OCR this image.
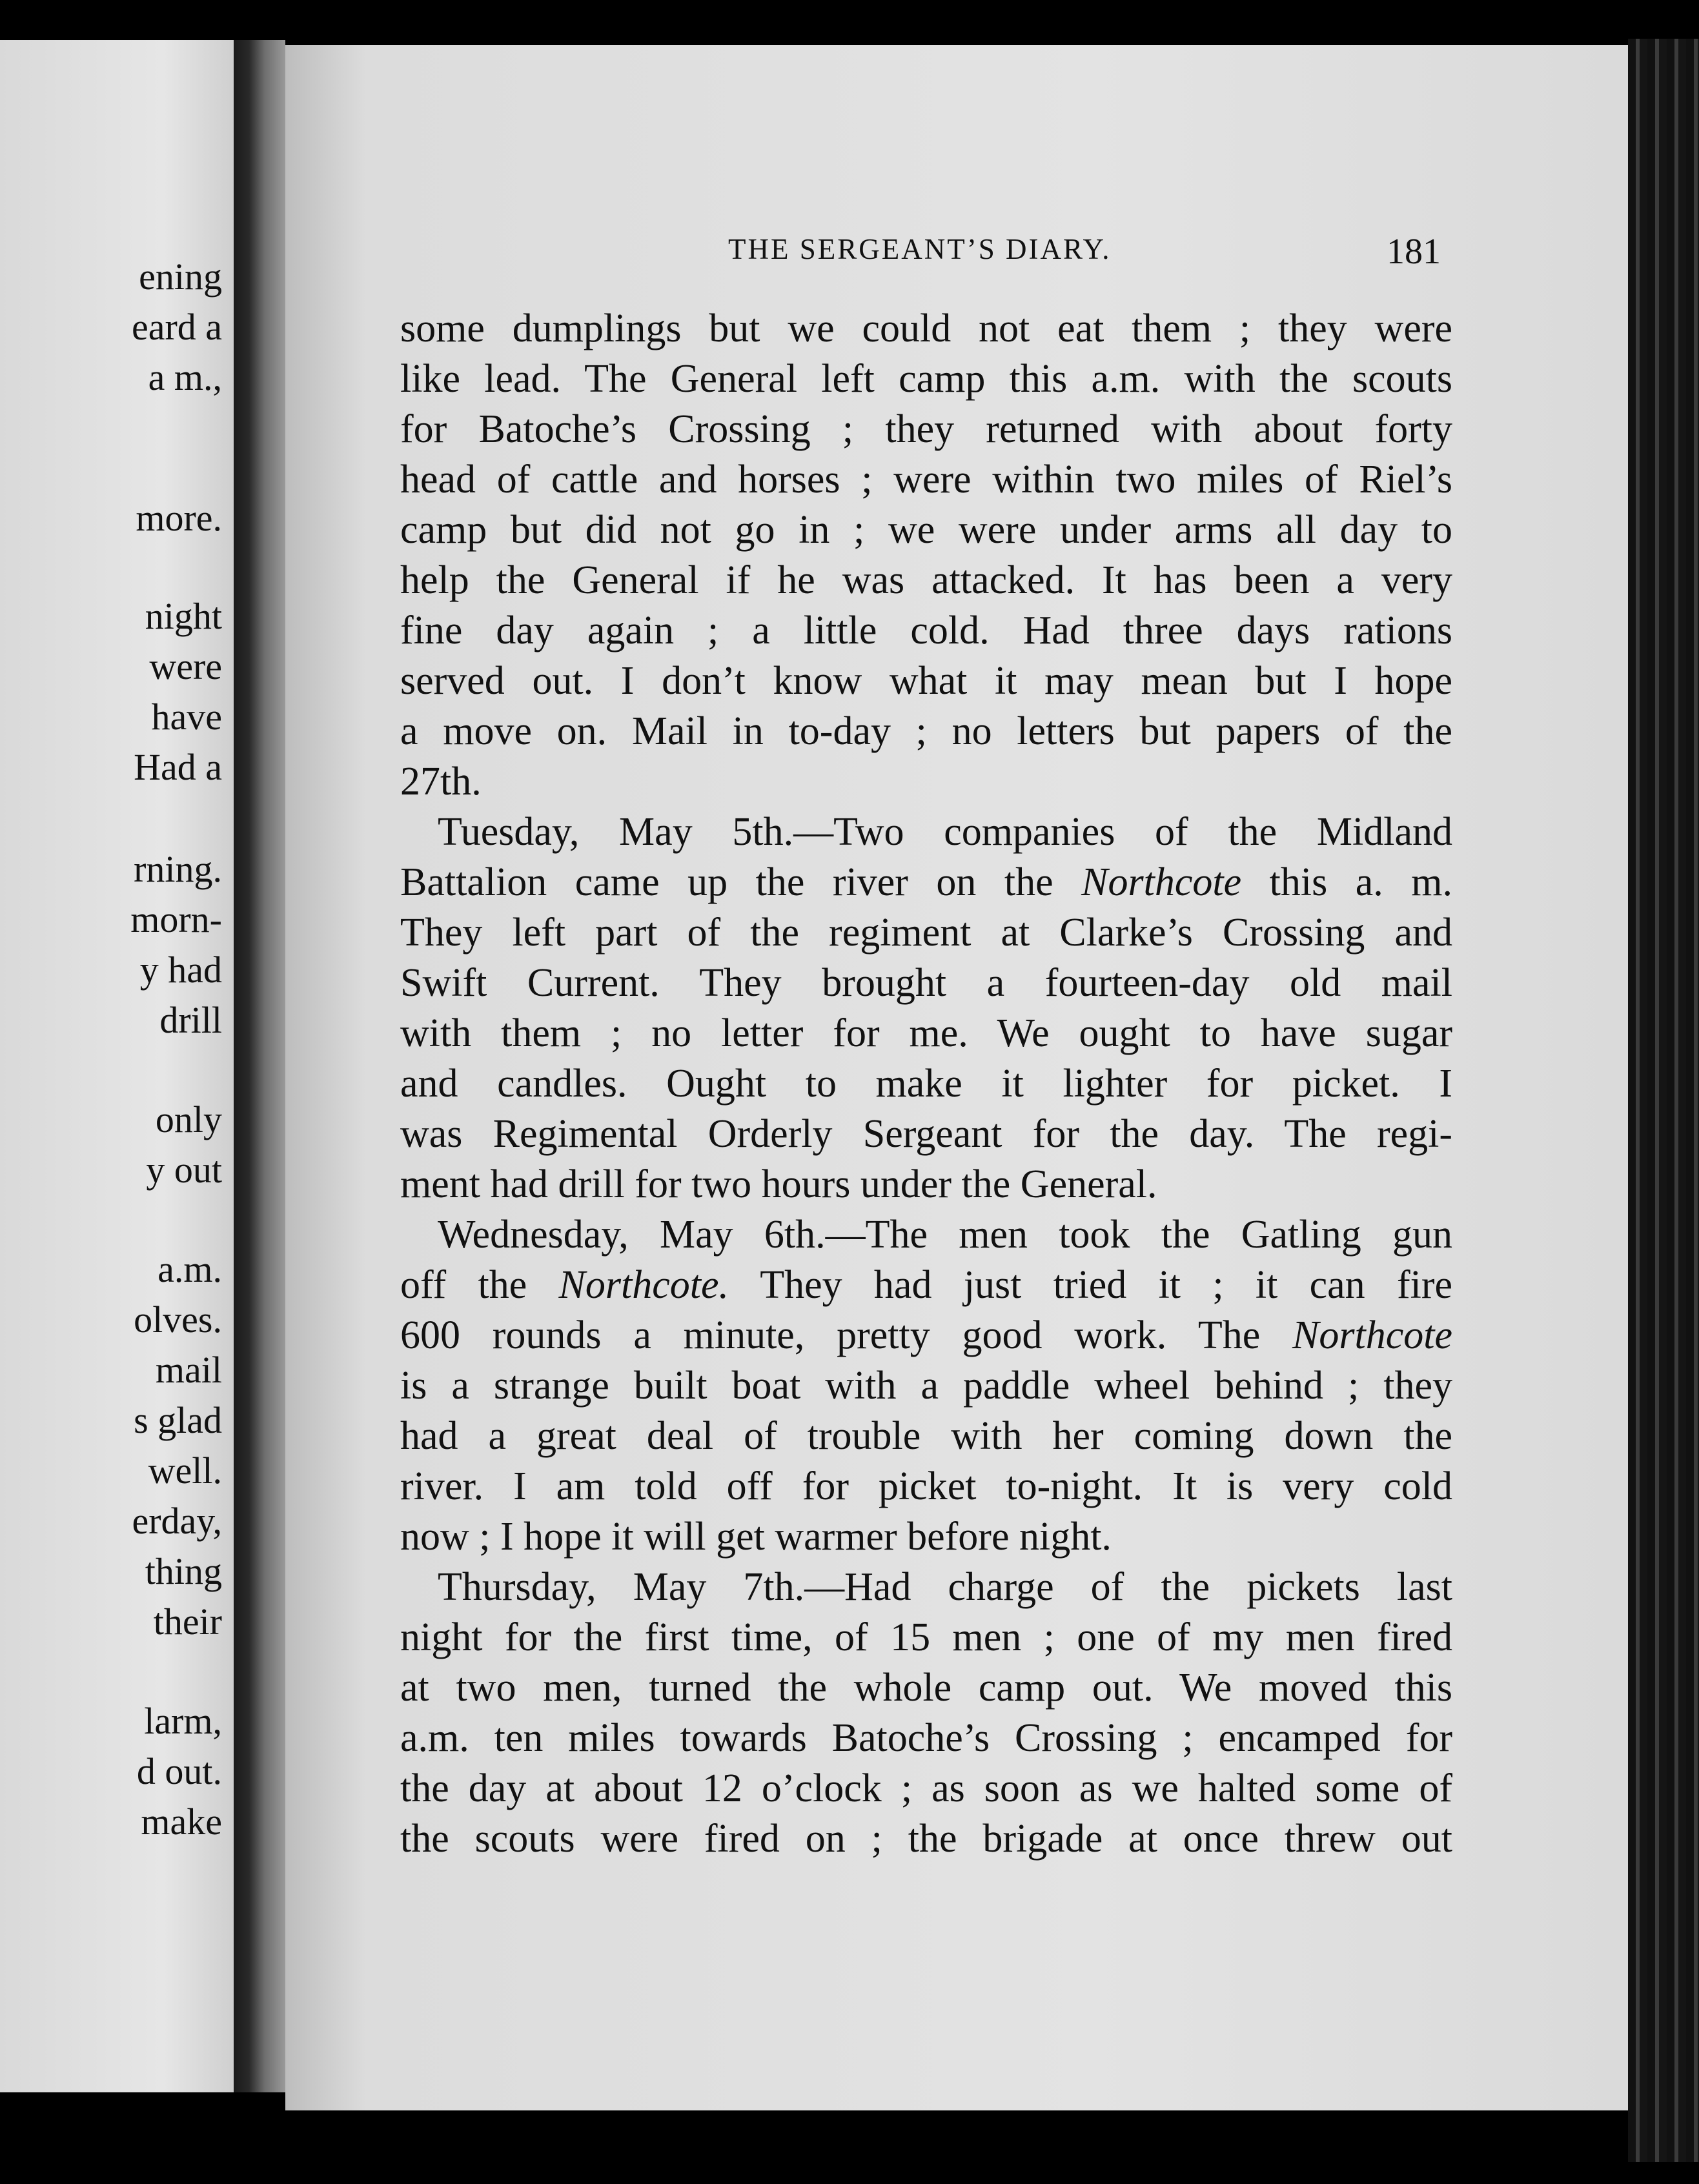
ening
eard a
a m.,
more.
night
were
have
Had a
rning.
morn-
y had
drill
only
y out
a.m.
olves.
mail
s glad
well.
erday,
thing
their
larm,
d out.
make
THE SERGEANT’S DIARY.	181
some dumplings but we could not eat them ; they were
like lead. The General left camp this a.m. with the scouts
for Batoche’s Crossing ; they returned with about forty
head of cattle and horses ; were within two miles of Riel’s
camp but did not go in ; we were under arms all day to
help the General if he was attacked. It has been a very
fine day again ; a little cold. Had three days rations
served out. I don’t know what it may mean but I hope
a move on. Mail in to-day ; no letters but papers of the
27th.
Tuesday, May 5th.—Two companies of the Midland
Battalion came up the river on the Northcote this a. m.
They left part of the regiment at Clarke’s Crossing and
Swift Current. They brought a fourteen-day old mail
with them ; no letter for me. We ought to have sugar
and candles. Ought to make it lighter for picket. I
was Regimental Orderly Sergeant for the day. The regi-
ment had drill for two hours under the General.
Wednesday, May 6th.—The men took the Gatling gun
off the Northcote. They had just tried it ; it can fire
600 rounds a minute, pretty good work. The Northcote
is a strange built boat with a paddle wheel behind ; they
had a great deal of trouble with her coming down the
river. I am told off for picket to-night. It is very cold
now ; I hope it will get warmer before night.
Thursday, May 7th.—Had charge of the pickets last
night for the first time, of 15 men ; one of my men fired
at two men, turned the whole camp out. We moved this
a.m. ten miles towards Batoche’s Crossing ; encamped for
the day at about 12 o’clock ; as soon as we halted some of
the scouts were fired on ; the brigade at once threw out
